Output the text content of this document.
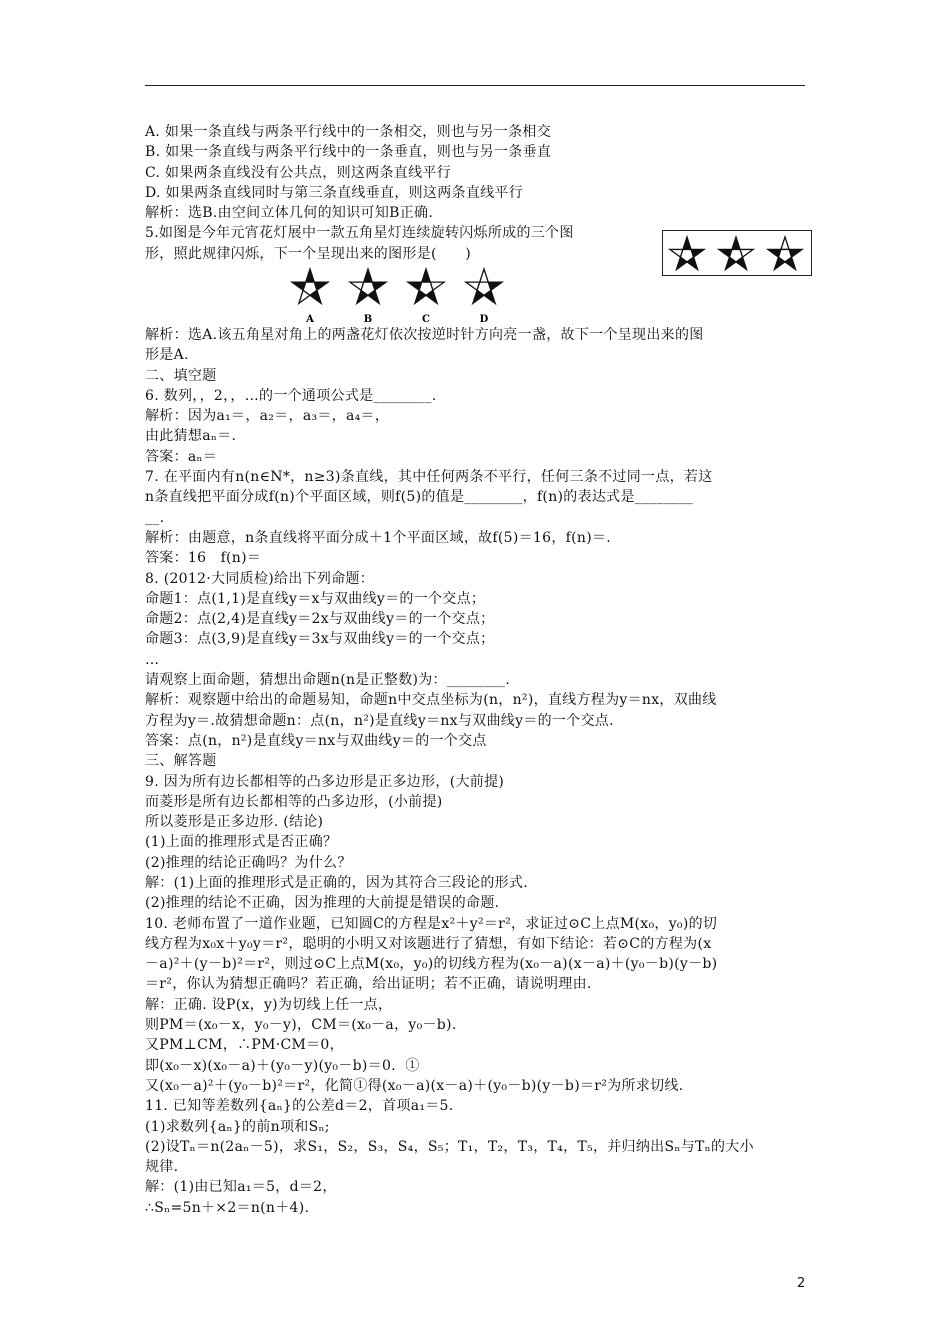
A. 如果一条直线与两条平行线中的一条相交，则也与另一条相交
B. 如果一条直线与两条平行线中的一条垂直，则也与另一条垂直
C. 如果两条直线没有公共点，则这两条直线平行
D. 如果两条直线同时与第三条直线垂直，则这两条直线平行
解析：选B.由空间立体几何的知识可知B正确.
5.如图是今年元宵花灯展中一款五角星灯连续旋转闪烁所成的三个图
形，照此规律闪烁，下一个呈现出来的图形是(      )
解析：选A.该五角星对角上的两盏花灯依次按逆时针方向亮一盏，故下一个呈现出来的图
形是A.
二、填空题
6. 数列，，2，，…的一个通项公式是________.
解析：因为a₁＝，a₂＝，a₃＝，a₄＝，
由此猜想aₙ＝.
答案：aₙ＝
7. 在平面内有n(n∈N*，n≥3)条直线，其中任何两条不平行，任何三条不过同一点，若这
n条直线把平面分成f(n)个平面区域，则f(5)的值是________，f(n)的表达式是________
__.
解析：由题意，n条直线将平面分成＋1个平面区域，故f(5)＝16，f(n)＝.
答案：16   f(n)＝
8. (2012·大同质检)给出下列命题：
命题1：点(1,1)是直线y＝x与双曲线y＝的一个交点；
命题2：点(2,4)是直线y＝2x与双曲线y＝的一个交点；
命题3：点(3,9)是直线y＝3x与双曲线y＝的一个交点；
…
请观察上面命题，猜想出命题n(n是正整数)为：________.
解析：观察题中给出的命题易知，命题n中交点坐标为(n，n²)，直线方程为y＝nx，双曲线
方程为y＝.故猜想命题n：点(n，n²)是直线y＝nx与双曲线y＝的一个交点.
答案：点(n，n²)是直线y＝nx与双曲线y＝的一个交点
三、解答题
9. 因为所有边长都相等的凸多边形是正多边形，(大前提)
而菱形是所有边长都相等的凸多边形，(小前提)
所以菱形是正多边形. (结论)
(1)上面的推理形式是否正确？
(2)推理的结论正确吗？为什么？
解：(1)上面的推理形式是正确的，因为其符合三段论的形式.
(2)推理的结论不正确，因为推理的大前提是错误的命题.
10. 老师布置了一道作业题，已知圆C的方程是x²＋y²＝r²，求证过⊙C上点M(x₀，y₀)的切
线方程为x₀x＋y₀y＝r²，聪明的小明又对该题进行了猜想，有如下结论：若⊙C的方程为(x
－a)²＋(y－b)²＝r²，则过⊙C上点M(x₀，y₀)的切线方程为(x₀－a)(x－a)＋(y₀－b)(y－b)
＝r²，你认为猜想正确吗？若正确，给出证明；若不正确，请说明理由.
解：正确. 设P(x，y)为切线上任一点，
则PM＝(x₀－x，y₀－y)，CM＝(x₀－a，y₀－b).
又PM⊥CM，∴PM·CM＝0，
即(x₀－x)(x₀－a)＋(y₀－y)(y₀－b)＝0.  ①
又(x₀－a)²＋(y₀－b)²＝r²，化简①得(x₀－a)(x－a)＋(y₀－b)(y－b)＝r²为所求切线.
11. 已知等差数列{aₙ}的公差d＝2，首项a₁＝5.
(1)求数列{aₙ}的前n项和Sₙ;
(2)设Tₙ＝n(2aₙ－5)，求S₁，S₂，S₃，S₄，S₅；T₁，T₂，T₃，T₄，T₅，并归纳出Sₙ与Tₙ的大小
规律.
解：(1)由已知a₁＝5，d＝2，
∴Sₙ=5n＋×2＝n(n＋4).
A	B	C	D
2
